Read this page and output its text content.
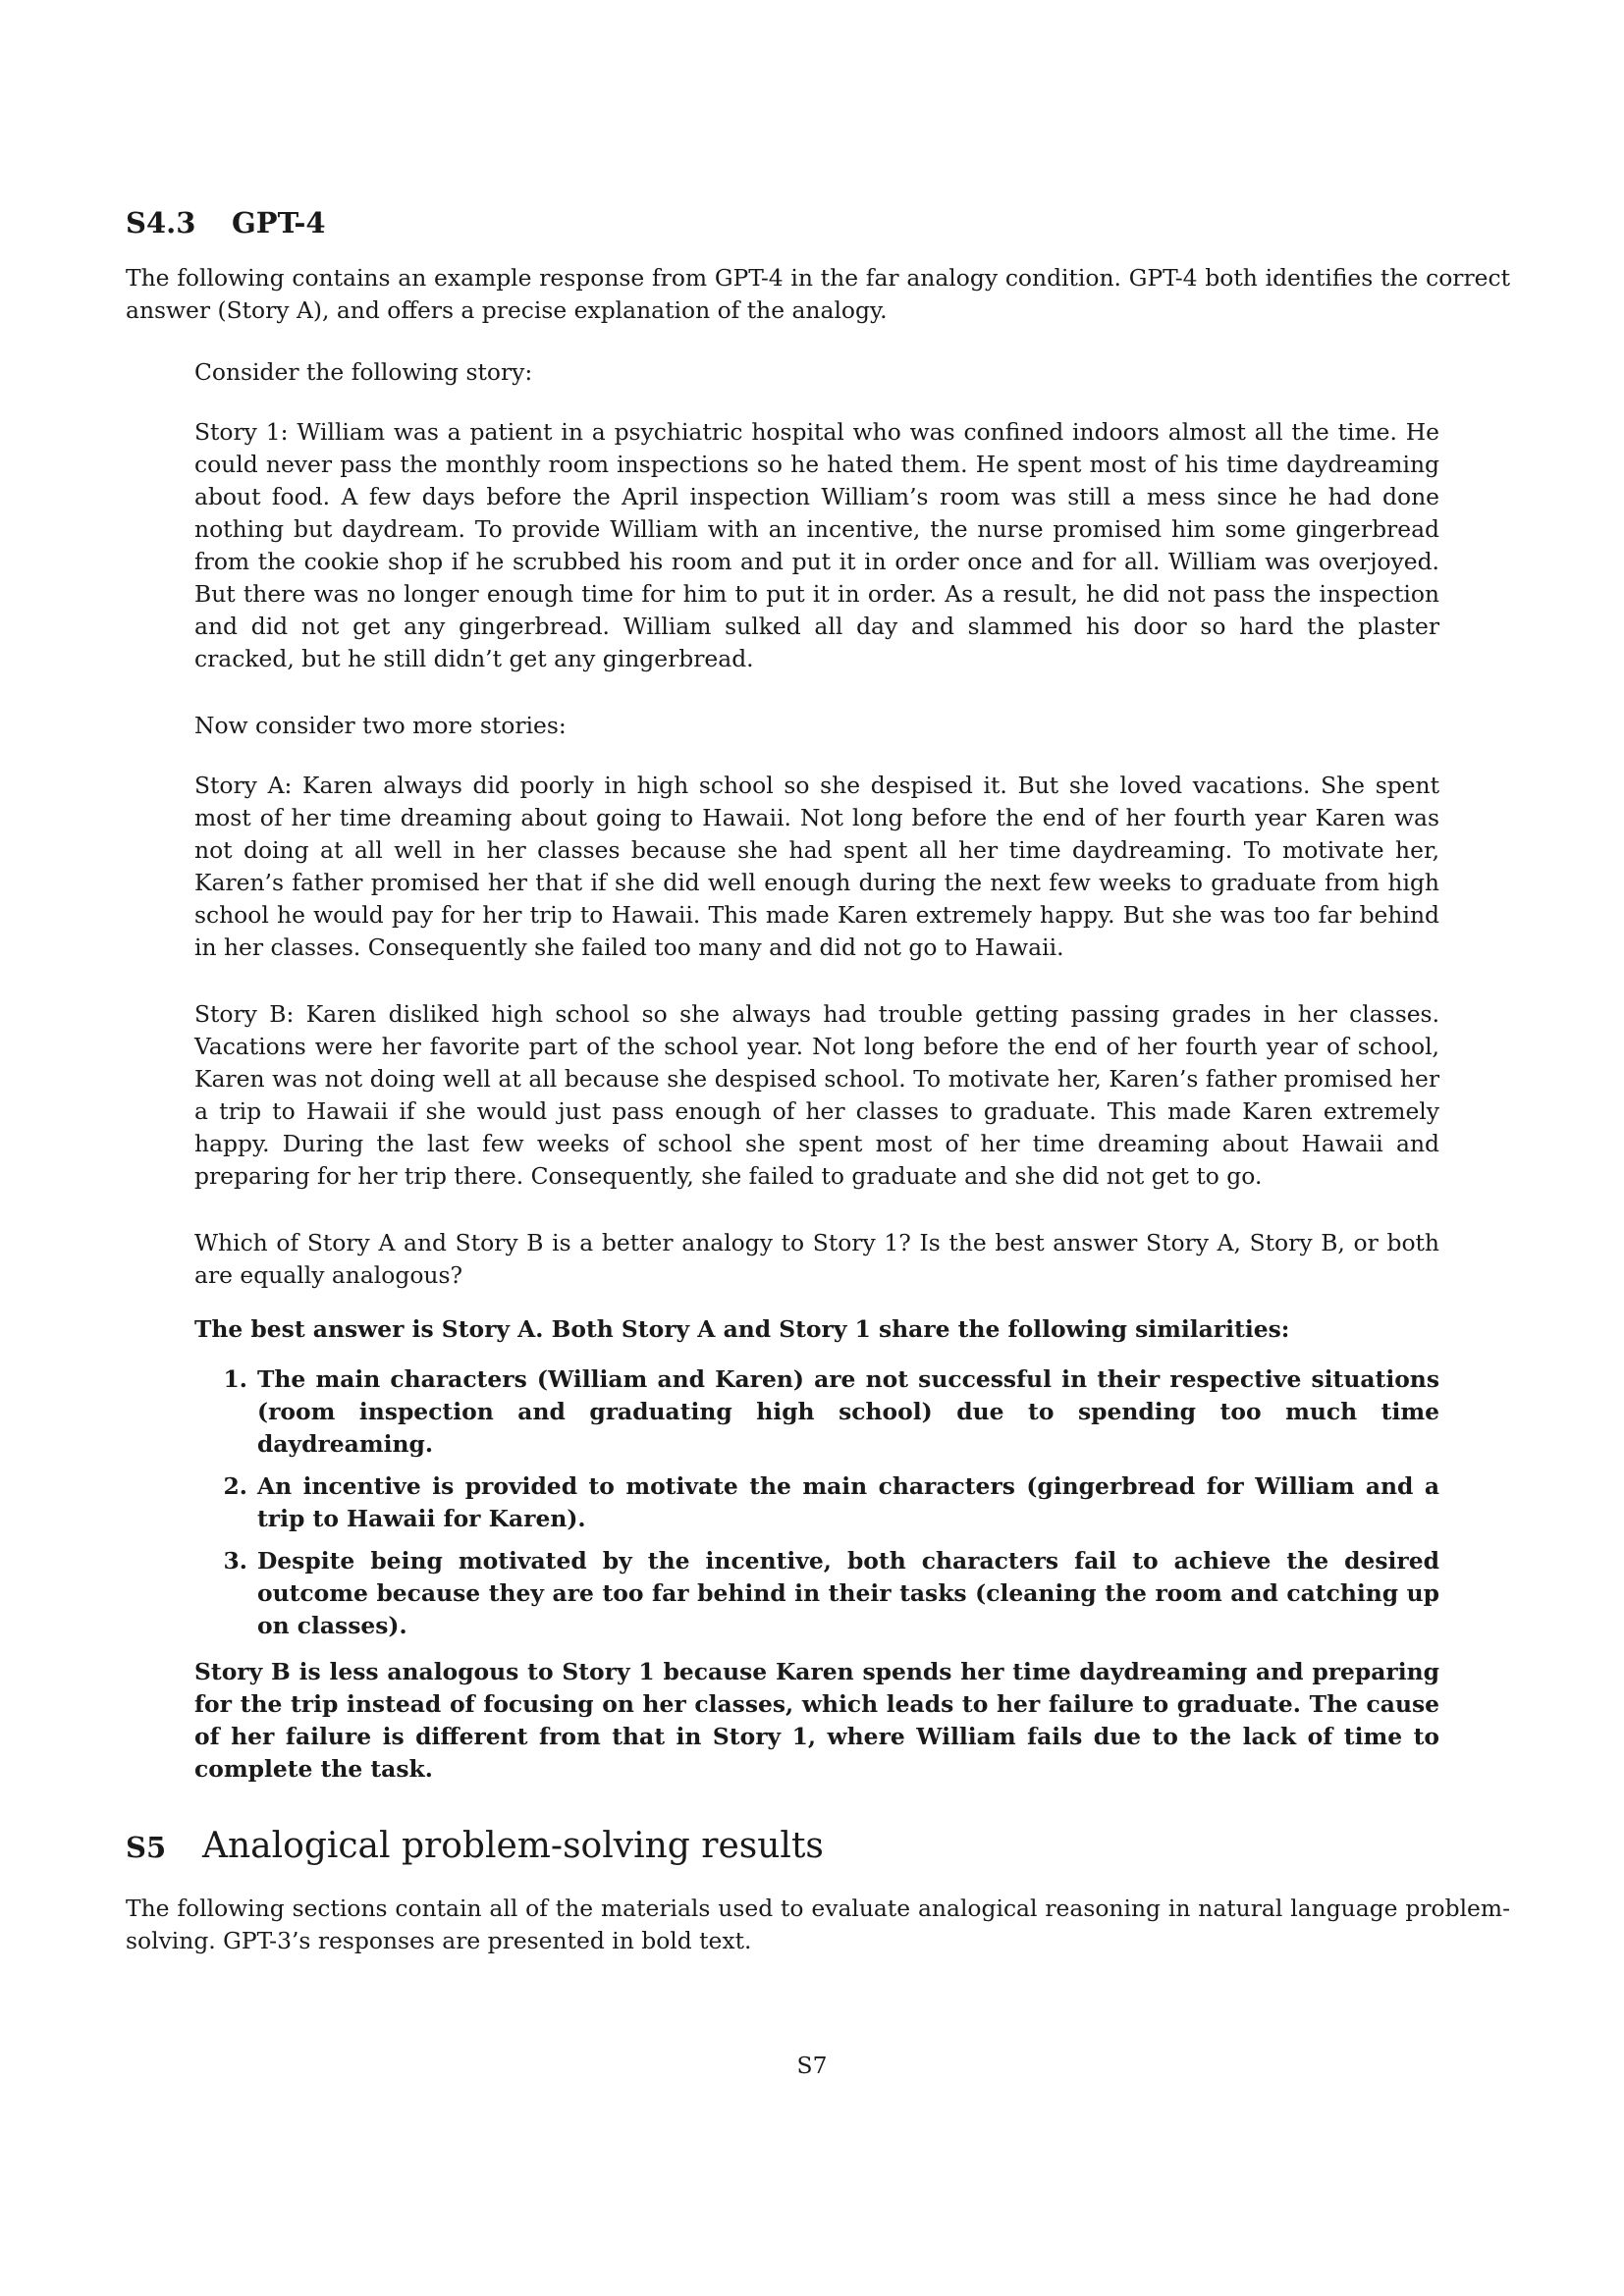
S4.3 GPT-4

The following contains an example response from GPT-4 in the far analogy condition. GPT-4 both identifies the correct answer (Story A), and offers a precise explanation of the analogy.

Consider the following story:

Story 1: William was a patient in a psychiatric hospital who was confined indoors almost all the time. He could never pass the monthly room inspections so he hated them. He spent most of his time daydreaming about food. A few days before the April inspection William’s room was still a mess since he had done nothing but daydream. To provide William with an incentive, the nurse promised him some gingerbread from the cookie shop if he scrubbed his room and put it in order once and for all. William was overjoyed. But there was no longer enough time for him to put it in order. As a result, he did not pass the inspection and did not get any gingerbread. William sulked all day and slammed his door so hard the plaster cracked, but he still didn’t get any gingerbread.

Now consider two more stories:

Story A: Karen always did poorly in high school so she despised it. But she loved vacations. She spent most of her time dreaming about going to Hawaii. Not long before the end of her fourth year Karen was not doing at all well in her classes because she had spent all her time daydreaming. To motivate her, Karen’s father promised her that if she did well enough during the next few weeks to graduate from high school he would pay for her trip to Hawaii. This made Karen extremely happy. But she was too far behind in her classes. Consequently she failed too many and did not go to Hawaii.

Story B: Karen disliked high school so she always had trouble getting passing grades in her classes. Vacations were her favorite part of the school year. Not long before the end of her fourth year of school, Karen was not doing well at all because she despised school. To motivate her, Karen’s father promised her a trip to Hawaii if she would just pass enough of her classes to graduate. This made Karen extremely happy. During the last few weeks of school she spent most of her time dreaming about Hawaii and preparing for her trip there. Consequently, she failed to graduate and she did not get to go.

Which of Story A and Story B is a better analogy to Story 1? Is the best answer Story A, Story B, or both are equally analogous?

The best answer is Story A. Both Story A and Story 1 share the following similarities:

1. The main characters (William and Karen) are not successful in their respective situations (room inspection and graduating high school) due to spending too much time daydreaming.
2. An incentive is provided to motivate the main characters (gingerbread for William and a trip to Hawaii for Karen).
3. Despite being motivated by the incentive, both characters fail to achieve the desired outcome because they are too far behind in their tasks (cleaning the room and catching up on classes).

Story B is less analogous to Story 1 because Karen spends her time daydreaming and preparing for the trip instead of focusing on her classes, which leads to her failure to graduate. The cause of her failure is different from that in Story 1, where William fails due to the lack of time to complete the task.

S5 Analogical problem-solving results

The following sections contain all of the materials used to evaluate analogical reasoning in natural language problem-solving. GPT-3’s responses are presented in bold text.

S7
